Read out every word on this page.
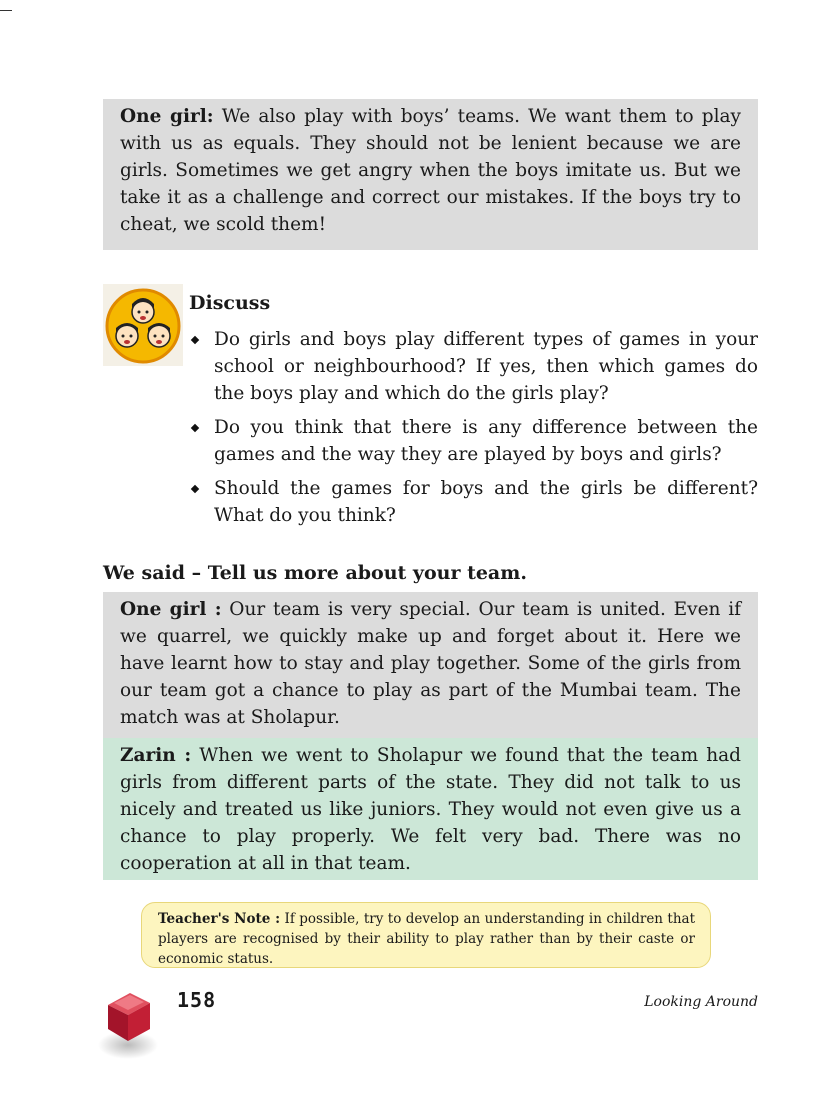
One girl: We also play with boys’ teams. We want them to play with us as equals. They should not be lenient because we are girls. Sometimes we get angry when the boys imitate us. But we take it as a challenge and correct our mistakes. If the boys try to cheat, we scold them!

Discuss

Do girls and boys play different types of games in your school or neighbourhood? If yes, then which games do the boys play and which do the girls play?

Do you think that there is any difference between the games and the way they are played by boys and girls?

Should the games for boys and the girls be different? What do you think?

We said – Tell us more about your team.

One girl : Our team is very special. Our team is united. Even if we quarrel, we quickly make up and forget about it. Here we have learnt how to stay and play together. Some of the girls from our team got a chance to play as part of the Mumbai team. The match was at Sholapur.

Zarin : When we went to Sholapur we found that the team had girls from different parts of the state. They did not talk to us nicely and treated us like juniors. They would not even give us a chance to play properly. We felt very bad. There was no cooperation at all in that team.

Teacher's Note : If possible, try to develop an understanding in children that players are recognised by their ability to play rather than by their caste or economic status.

158	Looking Around
